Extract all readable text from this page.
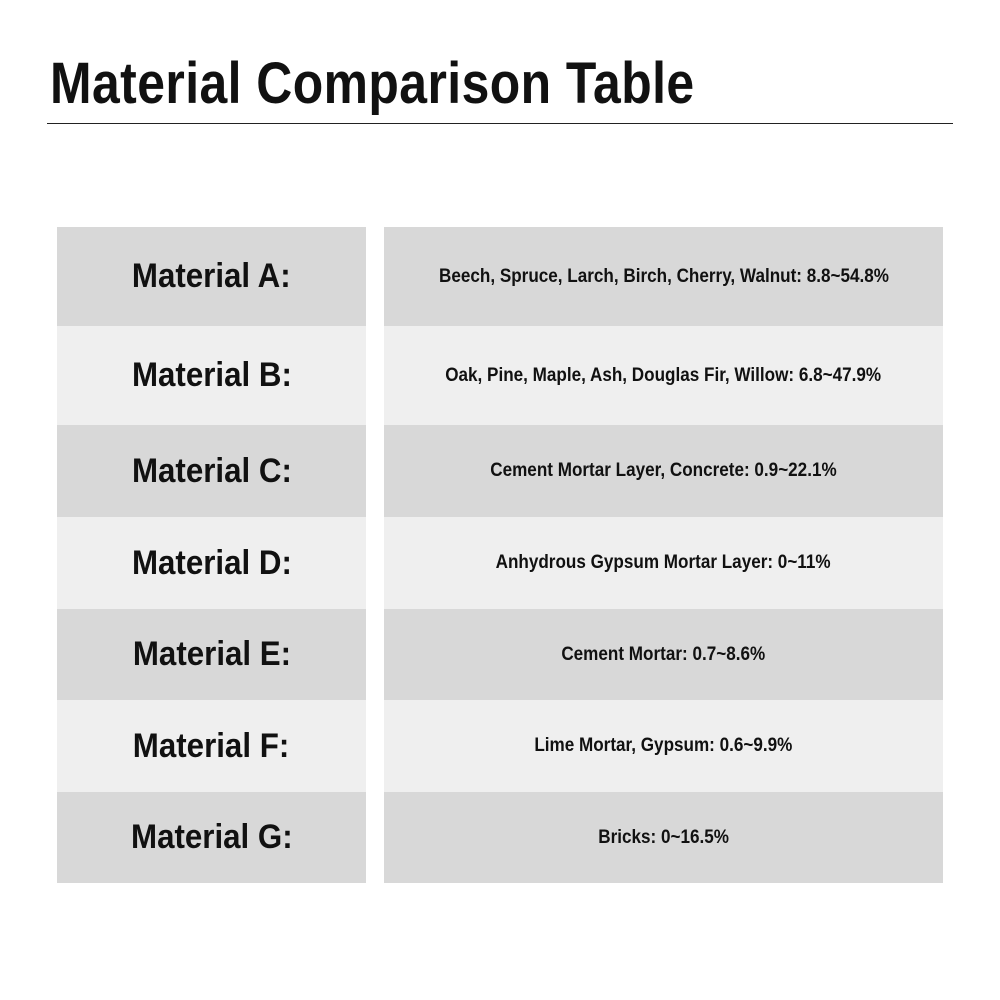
Material Comparison Table
Material A:	Beech, Spruce, Larch, Birch, Cherry, Walnut: 8.8~54.8%
Material B:	Oak, Pine, Maple, Ash, Douglas Fir, Willow: 6.8~47.9%
Material C:	Cement Mortar Layer, Concrete: 0.9~22.1%
Material D:	Anhydrous Gypsum Mortar Layer: 0~11%
Material E:	Cement Mortar: 0.7~8.6%
Material F:	Lime Mortar, Gypsum: 0.6~9.9%
Material G:	Bricks: 0~16.5%
